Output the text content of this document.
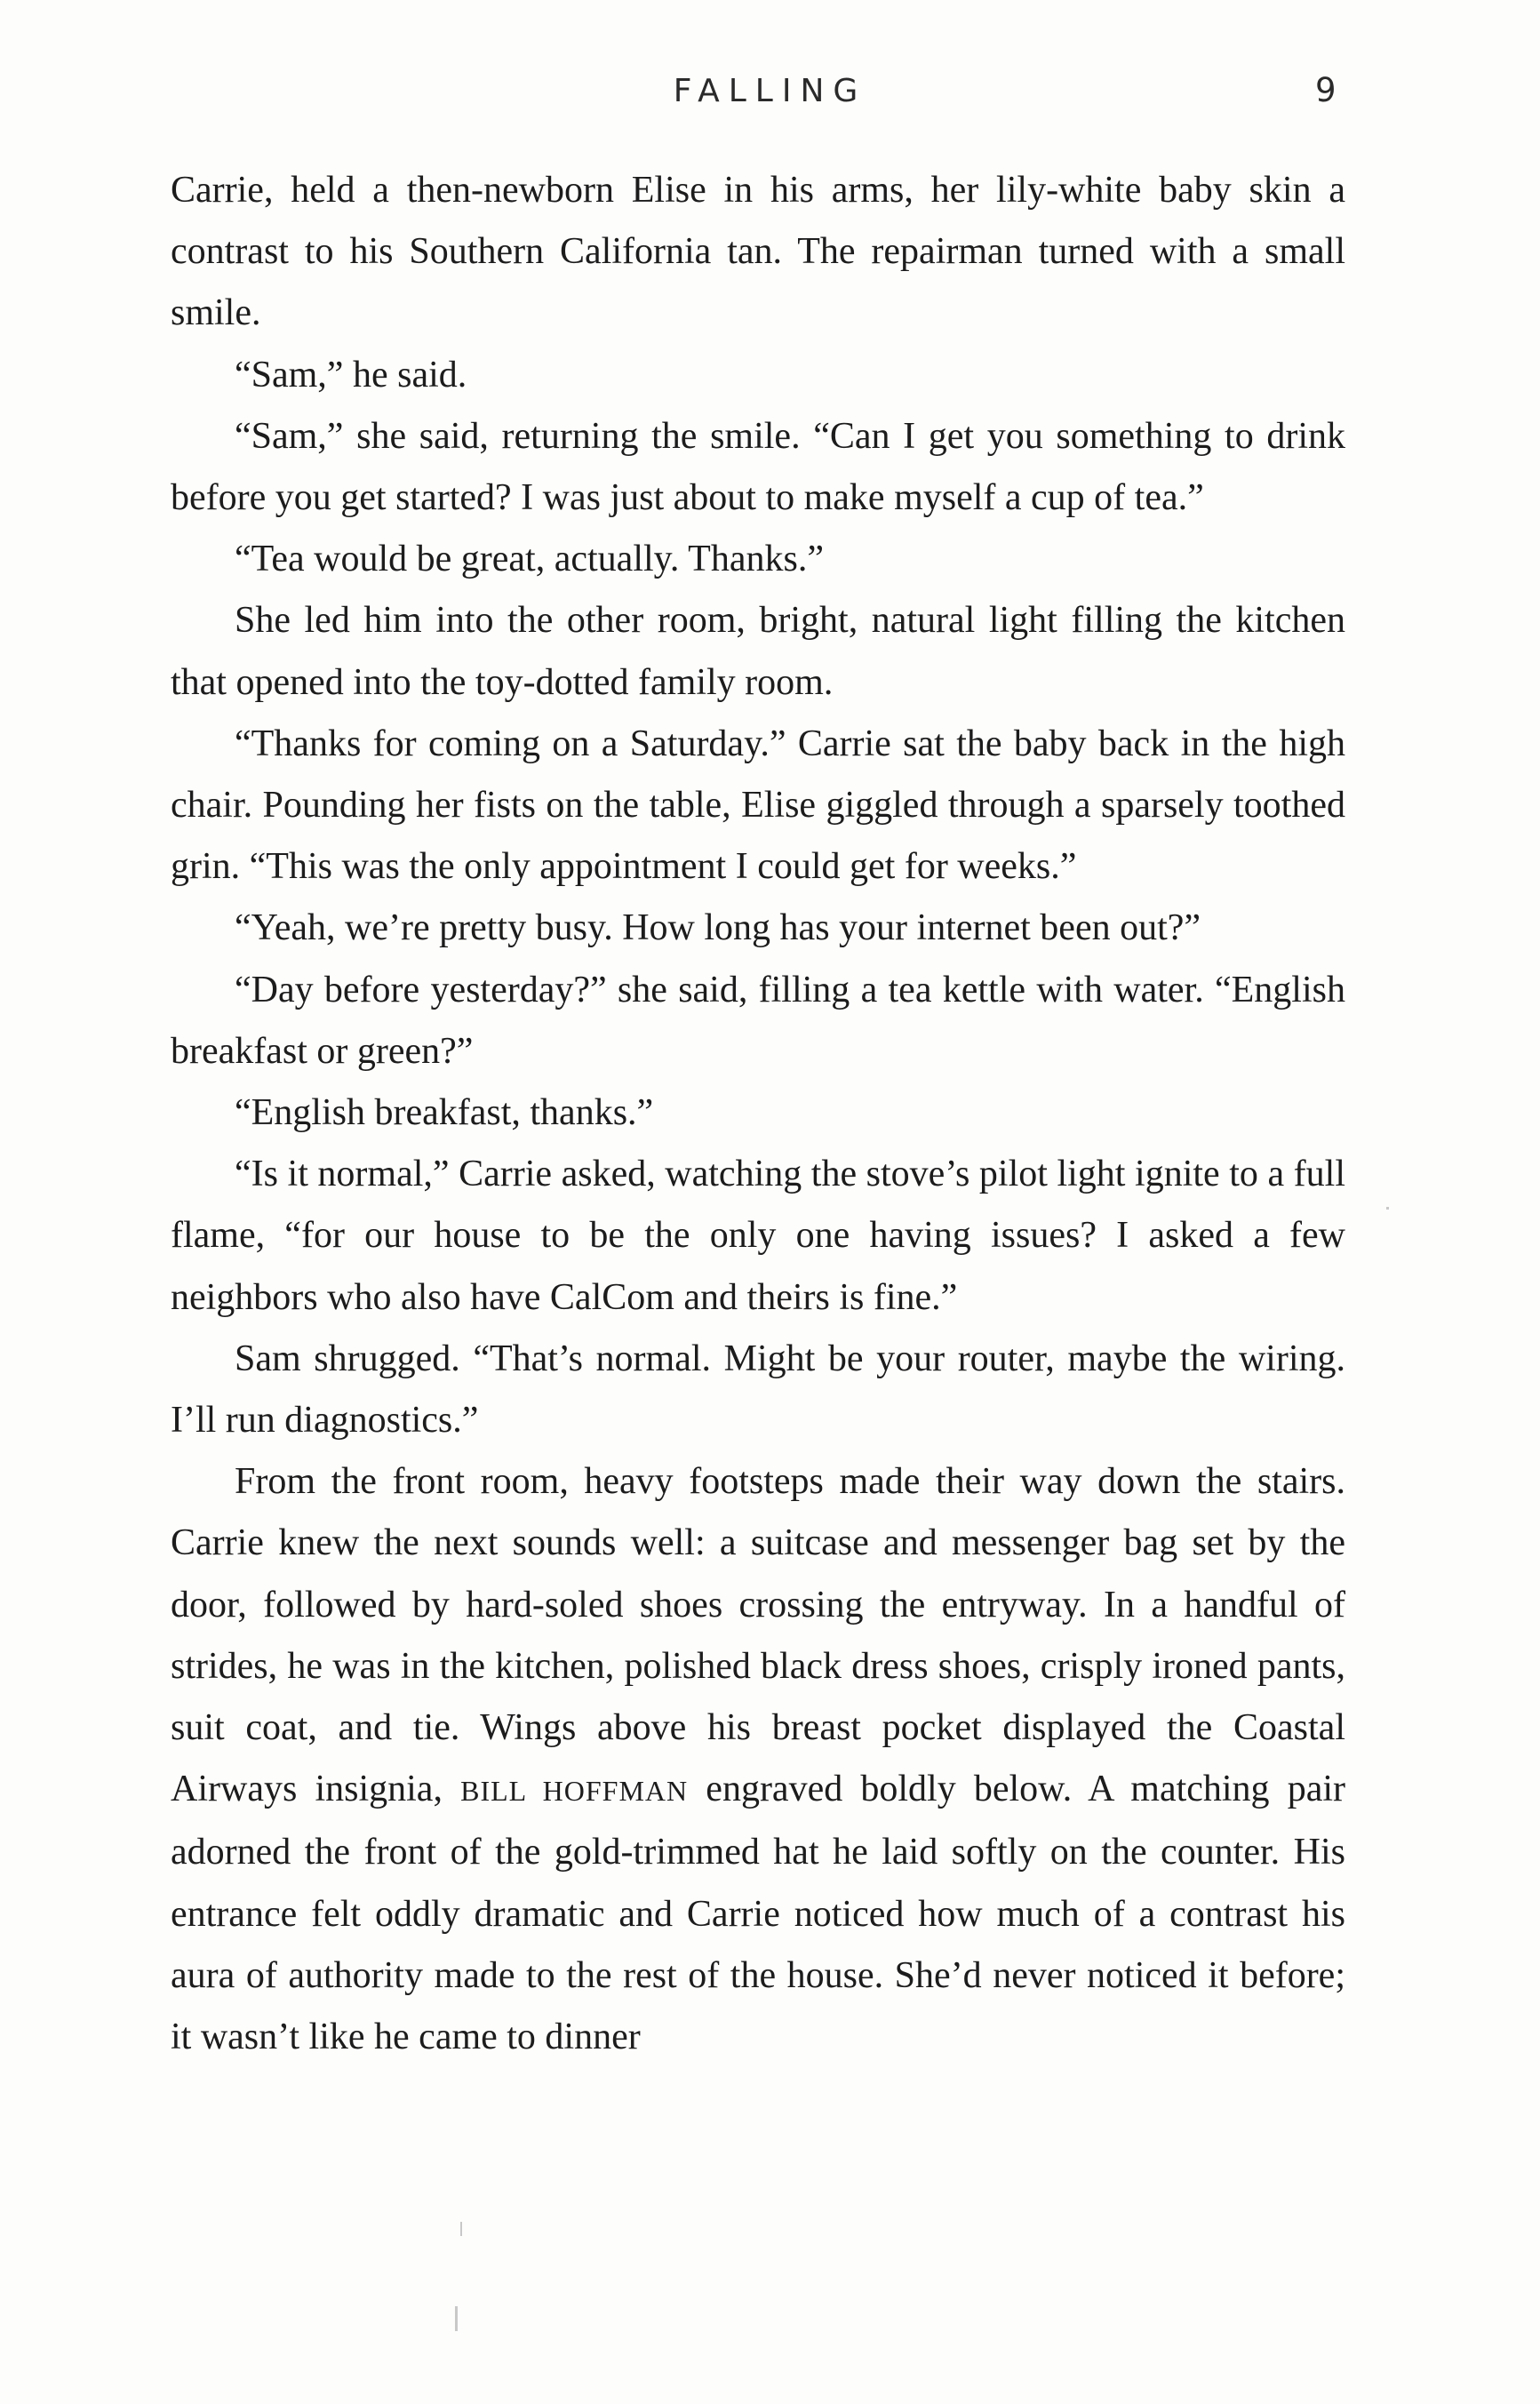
FALLING	9

Carrie, held a then-newborn Elise in his arms, her lily-white baby skin a contrast to his Southern California tan. The repairman turned with a small smile.

“Sam,” he said.

“Sam,” she said, returning the smile. “Can I get you something to drink before you get started? I was just about to make myself a cup of tea.”

“Tea would be great, actually. Thanks.”

She led him into the other room, bright, natural light filling the kitchen that opened into the toy-dotted family room.

“Thanks for coming on a Saturday.” Carrie sat the baby back in the high chair. Pounding her fists on the table, Elise giggled through a sparsely toothed grin. “This was the only appointment I could get for weeks.”

“Yeah, we’re pretty busy. How long has your internet been out?”

“Day before yesterday?” she said, filling a tea kettle with water. “English breakfast or green?”

“English breakfast, thanks.”

“Is it normal,” Carrie asked, watching the stove’s pilot light ignite to a full flame, “for our house to be the only one having issues? I asked a few neighbors who also have CalCom and theirs is fine.”

Sam shrugged. “That’s normal. Might be your router, maybe the wiring. I’ll run diagnostics.”

From the front room, heavy footsteps made their way down the stairs. Carrie knew the next sounds well: a suitcase and messenger bag set by the door, followed by hard-soled shoes crossing the entryway. In a handful of strides, he was in the kitchen, polished black dress shoes, crisply ironed pants, suit coat, and tie. Wings above his breast pocket displayed the Coastal Airways insignia, BILL HOFFMAN engraved boldly below. A matching pair adorned the front of the gold-trimmed hat he laid softly on the counter. His entrance felt oddly dramatic and Carrie noticed how much of a contrast his aura of authority made to the rest of the house. She’d never noticed it before; it wasn’t like he came to dinner
